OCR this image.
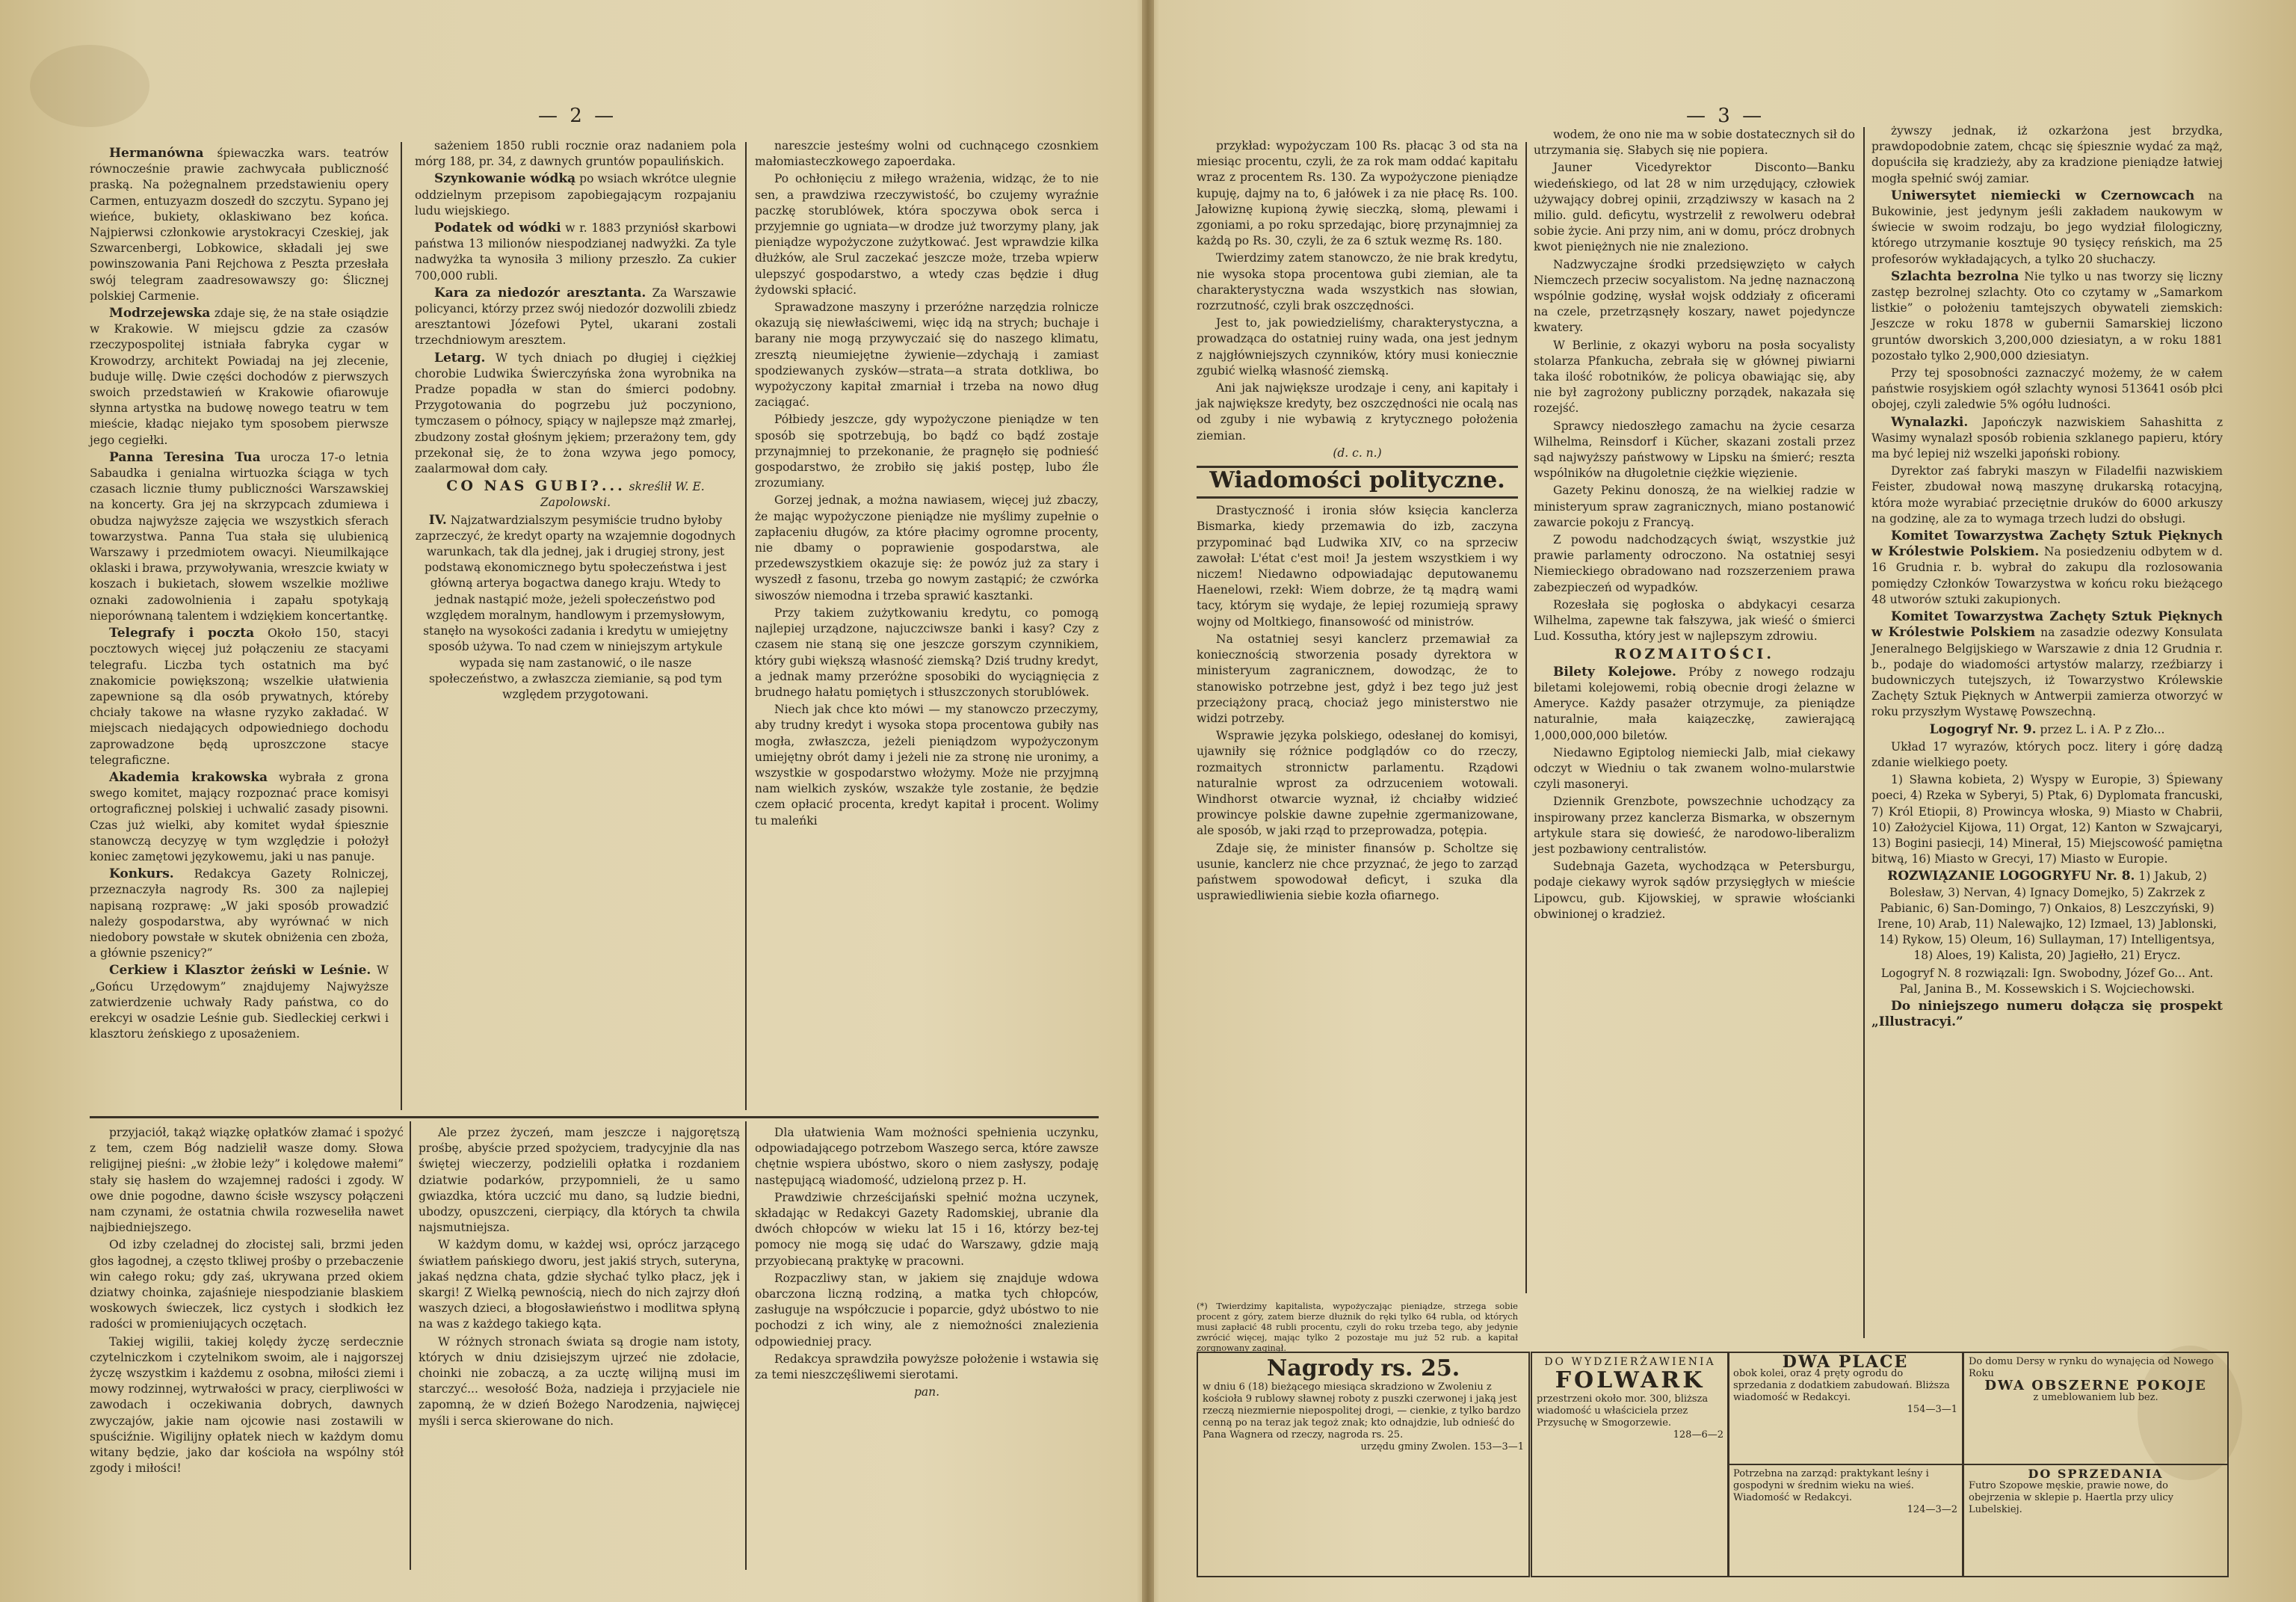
— 2 —

Hermanówna śpiewaczka wars. teatrów równocześnie prawie zachwycała publiczność praską. Na pożegnalnem przedstawieniu opery Carmen, entuzyazm doszedł do szczytu. Sypano jej wieńce, bukiety, oklaskiwano bez końca. Najpierwsi członkowie arystokracyi Czeskiej, jak Szwarcenbergi, Lobkowice, składali jej swe powinszowania Pani Rejchowa z Peszta przesłała swój telegram zaadresowawszy go: Ślicznej polskiej Carmenie.

Modrzejewska zdaje się, że na stałe osiądzie w Krakowie. W miejscu gdzie za czasów rzeczypospolitej istniała fabryka cygar w Krowodrzy, architekt Powiadaj na jej zlecenie, buduje willę. Dwie części dochodów z pierwszych swoich przedstawień w Krakowie ofiarowuje słynna artystka na budowę nowego teatru w tem mieście, kładąc niejako tym sposobem pierwsze jego cegiełki.

Panna Teresina Tua urocza 17-o letnia Sabaudka i genialna wirtuozka ściąga w tych czasach licznie tłumy publiczności Warszawskiej na koncerty. Gra jej na skrzypcach zdumiewa i obudza najwyższe zajęcia we wszystkich sferach towarzystwa. Panna Tua stała się ulubienicą Warszawy i przedmiotem owacyi. Nieumilkające oklaski i brawa, przywoływania, wreszcie kwiaty w koszach i bukietach, słowem wszelkie możliwe oznaki zadowolnienia i zapału spotykają nieporównaną talentem i wdziękiem koncertantkę.

Telegrafy i poczta Około 150, stacyi pocztowych więcej już połączeniu ze stacyami telegrafu. Liczba tych ostatnich ma być znakomicie powiększoną; wszelkie ułatwienia zapewnione są dla osób prywatnych, któreby chciały takowe na własne ryzyko zakładać. W miejscach niedających odpowiedniego dochodu zaprowadzone będą uproszczone stacye telegraficzne.

Akademia krakowska wybrała z grona swego komitet, mający rozpoznać prace komisyi ortograficznej polskiej i uchwalić zasady pisowni. Czas już wielki, aby komitet wydał śpiesznie stanowczą decyzyę w tym względzie i położył koniec zamętowi językowemu, jaki u nas panuje.

Konkurs. Redakcya Gazety Rolniczej, przeznaczyła nagrody Rs. 300 za najlepiej napisaną rozprawę: „W jaki sposób prowadzić należy gospodarstwa, aby wyrównać w nich niedobory powstałe w skutek obniżenia cen zboża, a głównie pszenicy?”

Cerkiew i Klasztor żeński w Leśnie. W „Gońcu Urzędowym” znajdujemy Najwyższe zatwierdzenie uchwały Rady państwa, co do erekcyi w osadzie Leśnie gub. Siedleckiej cerkwi i klasztoru żeńskiego z uposażeniem.

sażeniem 1850 rubli rocznie oraz nadaniem pola mórg 188, pr. 34, z dawnych gruntów popaulińskich.

Szynkowanie wódką po wsiach wkrótce ulegnie oddzielnym przepisom zapobiegającym rozpajaniu ludu wiejskiego.

Podatek od wódki w r. 1883 przyniósł skarbowi państwa 13 milionów niespodzianej nadwyżki. Za tyle nadwyżka ta wynosiła 3 miliony przeszło. Za cukier 700,000 rubli.

Kara za niedozór aresztanta. Za Warszawie policyanci, którzy przez swój niedozór dozwolili zbiedz aresztantowi Józefowi Pytel, ukarani zostali trzechdniowym aresztem.

Letarg. W tych dniach po długiej i ciężkiej chorobie Ludwika Świerczyńska żona wyrobnika na Pradze popadła w stan do śmierci podobny. Przygotowania do pogrzebu już poczyniono, tymczasem o północy, spiący w najlepsze mąż zmarłej, zbudzony został głośnym jękiem; przerażony tem, gdy przekonał się, że to żona wzywa jego pomocy, zaalarmował dom cały.

CO NAS GUBI?... skreślił W. E. Zapolowski.

IV. Najzatwardzialszym pesymiście trudno byłoby zaprzeczyć, że kredyt oparty na wzajemnie dogodnych warunkach, tak dla jednej, jak i drugiej strony, jest podstawą ekonomicznego bytu społeczeństwa i jest główną arterya bogactwa danego kraju. Wtedy to jednak nastąpić może, jeżeli społeczeństwo pod względem moralnym, handlowym i przemysłowym, stanęło na wysokości zadania i kredytu w umiejętny sposób używa. To nad czem w niniejszym artykule wypada się nam zastanowić, o ile nasze społeczeństwo, a zwłaszcza ziemianie, są pod tym względem przygotowani.

nareszcie jesteśmy wolni od cuchnącego czosnkiem małomiasteczkowego zapoerdaka.

Po ochłonięciu z miłego wrażenia, widząc, że to nie sen, a prawdziwa rzeczywistość, bo czujemy wyraźnie paczkę storublówek, która spoczywa obok serca i przyjemnie go ugniata—w drodze już tworzymy plany, jak pieniądze wypożyczone zużytkować. Jest wprawdzie kilka dłużków, ale Srul zaczekać jeszcze może, trzeba wpierw ulepszyć gospodarstwo, a wtedy czas będzie i dług żydowski spłacić.

Sprawadzone maszyny i przeróżne narzędzia rolnicze okazują się niewłaściwemi, więc idą na strych; buchaje i barany nie mogą przywyczaić się do naszego klimatu, zresztą nieumiejętne żywienie—zdychają i zamiast spodziewanych zysków—strata—a strata dotkliwa, bo wypożyczony kapitał zmarniał i trzeba na nowo dług zaciągać.

Półbiedy jeszcze, gdy wypożyczone pieniądze w ten sposób się spotrzebują, bo bądź co bądź zostaje przynajmniej to przekonanie, że pragnęło się podnieść gospodarstwo, że zrobiło się jakiś postęp, lubo źle zrozumiany.

Gorzej jednak, a można nawiasem, więcej już zbaczy, że mając wypożyczone pieniądze nie myślimy zupełnie o zapłaceniu długów, za które płacimy ogromne procenty, nie dbamy o poprawienie gospodarstwa, ale przedewszystkiem okazuje się: że powóz już za stary i wyszedł z fasonu, trzeba go nowym zastąpić; że czwórka siwoszów niemodna i trzeba sprawić kasztanki.

Przy takiem zużytkowaniu kredytu, co pomogą najlepiej urządzone, najuczciwsze banki i kasy? Czy z czasem nie staną się one jeszcze gorszym czynnikiem, który gubi większą własność ziemską? Dziś trudny kredyt, a jednak mamy przeróżne sposobiki do wyciągnięcia z brudnego hałatu pomiętych i stłuszczonych storublówek.

Niech jak chce kto mówi — my stanowczo przeczymy, aby trudny kredyt i wysoka stopa procentowa gubiły nas mogła, zwłaszcza, jeżeli pieniądzom wypożyczonym umiejętny obrót damy i jeżeli nie za stronę nie uronimy, a wszystkie w gospodarstwo włożymy. Może nie przyjmną nam wielkich zysków, wszakże tyle zostanie, że będzie czem opłacić procenta, kredyt kapitał i procent. Wolimy tu maleńki

przyjaciół, takąż wiązkę opłatków złamać i spożyć z tem, czem Bóg nadzielił wasze domy. Słowa religijnej pieśni: „w żłobie leży” i kolędowe małemi” stały się hasłem do wzajemnej radości i zgody. W owe dnie pogodne, dawno ścisłe wszyscy połączeni nam czynami, że ostatnia chwila rozweseliła nawet najbiedniejszego.

Od izby czeladnej do złocistej sali, brzmi jeden głos łagodnej, a często tkliwej prośby o przebaczenie win całego roku; gdy zaś, ukrywana przed okiem dziatwy choinka, zajaśnieje niespodzianie blaskiem woskowych świeczek, licz cystych i słodkich łez radości w promieniujących oczętach.

Takiej wigilii, takiej kolędy życzę serdecznie czytelniczkom i czytelnikom swoim, ale i najgorszej życzę wszystkim i każdemu z osobna, miłości ziemi i mowy rodzinnej, wytrwałości w pracy, cierpliwości w zawodach i oczekiwania dobrych, dawnych zwyczajów, jakie nam ojcowie nasi zostawili w spuściźnie. Wigilijny opłatek niech w każdym domu witany będzie, jako dar kościoła na wspólny stół zgody i miłości!

Ale przez życzeń, mam jeszcze i najgorętszą prośbę, abyście przed spożyciem, tradycyjnie dla nas świętej wieczerzy, podzielili opłatka i rozdaniem dziatwie podarków, przypomnieli, że u samo gwiazdka, która uczcić mu dano, są ludzie biedni, ubodzy, opuszczeni, cierpiący, dla których ta chwila najsmutniejsza.

W każdym domu, w każdej wsi, oprócz jarzącego światłem pańskiego dworu, jest jakiś strych, suteryna, jakaś nędzna chata, gdzie słychać tylko płacz, jęk i skargi! Z Wielką pewnością, niech do nich zajrzy dłoń waszych dzieci, a błogosławieństwo i modlitwa spłyną na was z każdego takiego kąta.

W różnych stronach świata są drogie nam istoty, których w dniu dzisiejszym ujrzeć nie zdołacie, choinki nie zobaczą, a za ucztę wilijną musi im starczyć... wesołość Boża, nadzieja i przyjaciele nie zapomną, że w dzień Bożego Narodzenia, najwięcej myśli i serca skierowane do nich.

Dla ułatwienia Wam możności spełnienia uczynku, odpowiadającego potrzebom Waszego serca, które zawsze chętnie wspiera ubóstwo, skoro o niem zasłyszy, podaję następującą wiadomość, udzieloną przez p. H.

Prawdziwie chrześcijański spełnić można uczynek, składając w Redakcyi Gazety Radomskiej, ubranie dla dwóch chłopców w wieku lat 15 i 16, którzy bez-tej pomocy nie mogą się udać do Warszawy, gdzie mają przyobiecaną praktykę w pracowni.

Rozpaczliwy stan, w jakiem się znajduje wdowa obarczona liczną rodziną, a matka tych chłopców, zasługuje na współczucie i poparcie, gdyż ubóstwo to nie pochodzi z ich winy, ale z niemożności znalezienia odpowiedniej pracy.

Redakcya sprawdziła powyższe położenie i wstawia się za temi nieszczęśliwemi sierotami.

pan.

— 3 —

przykład: wypożyczam 100 Rs. płacąc 3 od sta na miesiąc procentu, czyli, że za rok mam oddać kapitału wraz z procentem Rs. 130. Za wypożyczone pieniądze kupuję, dajmy na to, 6 jałówek i za nie płacę Rs. 100. Jałowiznę kupioną żywię sieczką, słomą, plewami i zgoniami, a po roku sprzedając, biorę przynajmniej za każdą po Rs. 30, czyli, że za 6 sztuk wezmę Rs. 180.

Twierdzimy zatem stanowczo, że nie brak kredytu, nie wysoka stopa procentowa gubi ziemian, ale ta charakterystyczna wada wszystkich nas słowian, rozrzutność, czyli brak oszczędności.

Jest to, jak powiedzieliśmy, charakterystyczna, a prowadząca do ostatniej ruiny wada, ona jest jednym z najgłówniejszych czynników, który musi koniecznie zgubić wielką własność ziemską.

Ani jak największe urodzaje i ceny, ani kapitały i jak największe kredyty, bez oszczędności nie ocalą nas od zguby i nie wybawią z krytycznego położenia ziemian.

(d. c. n.)

Wiadomości polityczne.

Drastyczność i ironia słów księcia kanclerza Bismarka, kiedy przemawia do izb, zaczyna przypominać bąd Ludwika XIV, co na sprzeciw zawołał: L'état c'est moi! Ja jestem wszystkiem i wy niczem! Niedawno odpowiadając deputowanemu Haenelowi, rzekł: Wiem dobrze, że tą mądrą wami tacy, którym się wydaje, że lepiej rozumieją sprawy wojny od Moltkiego, finansowość od ministrów.

Na ostatniej sesyi kanclerz przemawiał za koniecznością stworzenia posady dyrektora w ministeryum zagranicznem, dowodząc, że to stanowisko potrzebne jest, gdyż i bez tego już jest przeciążony pracą, chociaż jego ministerstwo nie widzi potrzeby.

Wsprawie języka polskiego, odesłanej do komisyi, ujawniły się różnice podglądów co do rzeczy, rozmaitych stronnictw parlamentu. Rządowi naturalnie wprost za odrzuceniem wotowali. Windhorst otwarcie wyznał, iż chciałby widzieć prowincye polskie dawne zupełnie zgermanizowane, ale sposób, w jaki rząd to przeprowadza, potępia.

Zdaje się, że minister finansów p. Scholtze się usunie, kanclerz nie chce przyznać, że jego to zarząd państwem spowodował deficyt, i szuka dla usprawiedliwienia siebie kozła ofiarnego.

wodem, że ono nie ma w sobie dostatecznych sił do utrzymania się. Słabych się nie popiera.

Jauner Vicedyrektor Disconto—Banku wiedeńskiego, od lat 28 w nim urzędujący, człowiek używający dobrej opinii, zrządziwszy w kasach na 2 milio. guld. deficytu, wystrzelił z rewolweru odebrał sobie życie. Ani przy nim, ani w domu, prócz drobnych kwot pieniężnych nie nie znaleziono.

Nadzwyczajne środki przedsięwzięto w całych Niemczech przeciw socyalistom. Na jednę naznaczoną wspólnie godzinę, wysłał wojsk oddziały z oficerami na czele, przetrząsnęły koszary, nawet pojedyncze kwatery.

W Berlinie, z okazyi wyboru na posła socyalisty stolarza Pfankucha, zebrała się w głównej piwiarni taka ilość robotników, że policya obawiając się, aby nie był zagrożony publiczny porządek, nakazała się rozejść.

Sprawcy niedoszłego zamachu na życie cesarza Wilhelma, Reinsdorf i Kücher, skazani zostali przez sąd najwyższy państwowy w Lipsku na śmierć; reszta wspólników na długoletnie ciężkie więzienie.

Gazety Pekinu donoszą, że na wielkiej radzie w ministeryum spraw zagranicznych, miano postanowić zawarcie pokoju z Francyą.

Z powodu nadchodzących świąt, wszystkie już prawie parlamenty odroczono. Na ostatniej sesyi Niemieckiego obradowano nad rozszerzeniem prawa zabezpieczeń od wypadków.

Rozesłała się pogłoska o abdykacyi cesarza Wilhelma, zapewne tak fałszywa, jak wieść o śmierci Lud. Kossutha, który jest w najlepszym zdrowiu.

ROZMAITOŚCI.

Bilety Kolejowe. Próby z nowego rodzaju biletami kolejowemi, robią obecnie drogi żelazne w Ameryce. Każdy pasażer otrzymuje, za pieniądze naturalnie, mała kaiązeczkę, zawierającą 1,000,000,000 biletów.

Niedawno Egiptolog niemiecki Jalb, miał ciekawy odczyt w Wiedniu o tak zwanem wolno-mularstwie czyli masoneryi.

Dziennik Grenzbote, powszechnie uchodzący za inspirowany przez kanclerza Bismarka, w obszernym artykule stara się dowieść, że narodowo-liberalizm jest pozbawiony centralistów.

Sudebnaja Gazeta, wychodząca w Petersburgu, podaje ciekawy wyrok sądów przysięgłych w mieście Lipowcu, gub. Kijowskiej, w sprawie włościanki obwinionej o kradzież.

żywszy jednak, iż ozkarżona jest brzydka, prawdopodobnie zatem, chcąc się śpiesznie wydać za mąż, dopuściła się kradzieży, aby za kradzione pieniądze łatwiej mogła spełnić swój zamiar.

Uniwersytet niemiecki w Czernowcach na Bukowinie, jest jedynym jeśli zakładem naukowym w świecie w swoim rodzaju, bo jego wydział filologiczny, którego utrzymanie kosztuje 90 tysięcy reńskich, ma 25 profesorów wykładających, a tylko 20 słuchaczy.

Szlachta bezrolna Nie tylko u nas tworzy się liczny zastęp bezrolnej szlachty. Oto co czytamy w „Samarkom listkie” o położeniu tamtejszych obywateli ziemskich: Jeszcze w roku 1878 w gubernii Samarskiej liczono gruntów dworskich 3,200,000 dziesiatyn, a w roku 1881 pozostało tylko 2,900,000 dziesiatyn.

Przy tej sposobności zaznaczyć możemy, że w całem państwie rosyjskiem ogół szlachty wynosi 513641 osób płci obojej, czyli zaledwie 5% ogółu ludności.

Wynalazki. Japończyk nazwiskiem Sahashitta z Wasimy wynalazł sposób robienia szklanego papieru, który ma być lepiej niż wszelki japoński robiony.

Dyrektor zaś fabryki maszyn w Filadelfii nazwiskiem Feister, zbudował nową maszynę drukarską rotacyjną, która może wyrabiać przeciętnie druków do 6000 arkuszy na godzinę, ale za to wymaga trzech ludzi do obsługi.

Komitet Towarzystwa Zachęty Sztuk Pięknych w Królestwie Polskiem. Na posiedzeniu odbytem w d. 16 Grudnia r. b. wybrał do zakupu dla rozlosowania pomiędzy Członków Towarzystwa w końcu roku bieżącego 48 utworów sztuki zakupionych.

Komitet Towarzystwa Zachęty Sztuk Pięknych w Królestwie Polskiem na zasadzie odezwy Konsulata Jeneralnego Belgijskiego w Warszawie z dnia 12 Grudnia r. b., podaje do wiadomości artystów malarzy, rzeźbiarzy i budowniczych tutejszych, iż Towarzystwo Królewskie Zachęty Sztuk Pięknych w Antwerpii zamierza otworzyć w roku przyszłym Wystawę Powszechną.

Logogryf Nr. 9. przez L. i A. P z Zło...

Układ 17 wyrazów, których pocz. litery i górę dadzą zdanie wielkiego poety.

1) Sławna kobieta, 2) Wyspy w Europie, 3) Śpiewany poeci, 4) Rzeka w Syberyi, 5) Ptak, 6) Dyplomata francuski, 7) Król Etiopii, 8) Prowincya włoska, 9) Miasto w Chabrii, 10) Założyciel Kijowa, 11) Orgat, 12) Kanton w Szwajcaryi, 13) Bogini pasiecji, 14) Minerał, 15) Miejscowość pamiętna bitwą, 16) Miasto w Grecyi, 17) Miasto w Europie.

ROZWIĄZANIE LOGOGRYFU Nr. 8. 1) Jakub, 2) Bolesław, 3) Nervan, 4) Ignacy Domejko, 5) Zakrzek z Pabianic, 6) San-Domingo, 7) Onkaios, 8) Leszczyński, 9) Irene, 10) Arab, 11) Nalewajko, 12) Izmael, 13) Jablonski, 14) Rykow, 15) Oleum, 16) Sullayman, 17) Intelligentsya, 18) Aloes, 19) Kalista, 20) Jagiełło, 21) Erycz.

Logogryf N. 8 rozwiązali: Ign. Swobodny, Józef Go... Ant. Pal, Janina B., M. Kossewskich i S. Wojciechowski.

Do niniejszego numeru dołącza się prospekt „Illustracyi.”

(*) Twierdzimy kapitalista, wypożyczając pieniądze, strzega sobie procent z góry, zatem bierze dłużnik do ręki tylko 64 rubla, od których musi zapłacić 48 rubli procentu, czyli do roku trzeba tego, aby jedynie zwrócić więcej, mając tylko 2 pozostaje mu już 52 rub. a kapitał zorgnowany zaginął.
Nagrody rs. 25.
w dniu 6 (18) bieżącego miesiąca skradziono w Zwoleniu z kościoła 9 rublowy sławnej roboty z puszki czerwonej i jaką jest rzeczą niezmiernie niepospolitej drogi, — cienkie, z tylko bardzo cenną po na teraz jak tegoż znak; kto odnajdzie, lub odnieść do Pana Wagnera od rzeczy, nagroda rs. 25.
urzędu gminy Zwolen. 153—3—1
DO WYDZIERŻAWIENIA
FOLWARK
przestrzeni około mor. 300, bliższa wiadomość u właściciela przez Przysuchę w Smogorzewie.
128—6—2
DWA PLACE
obok kolei, oraz 4 pręty ogrodu do sprzedania z dodatkiem zabudowań. Bliższa wiadomość w Redakcyi.
154—3—1
Potrzebna na zarząd: praktykant leśny i gospodyni w średnim wieku na wieś. Wiadomość w Redakcyi.
124—3—2
Do domu Dersy w rynku do wynajęcia od Nowego Roku
DWA OBSZERNE POKOJE
z umeblowaniem lub bez.
DO SPRZEDANIA
Futro Szopowe męskie, prawie nowe, do obejrzenia w sklepie p. Haertla przy ulicy Lubelskiej.
